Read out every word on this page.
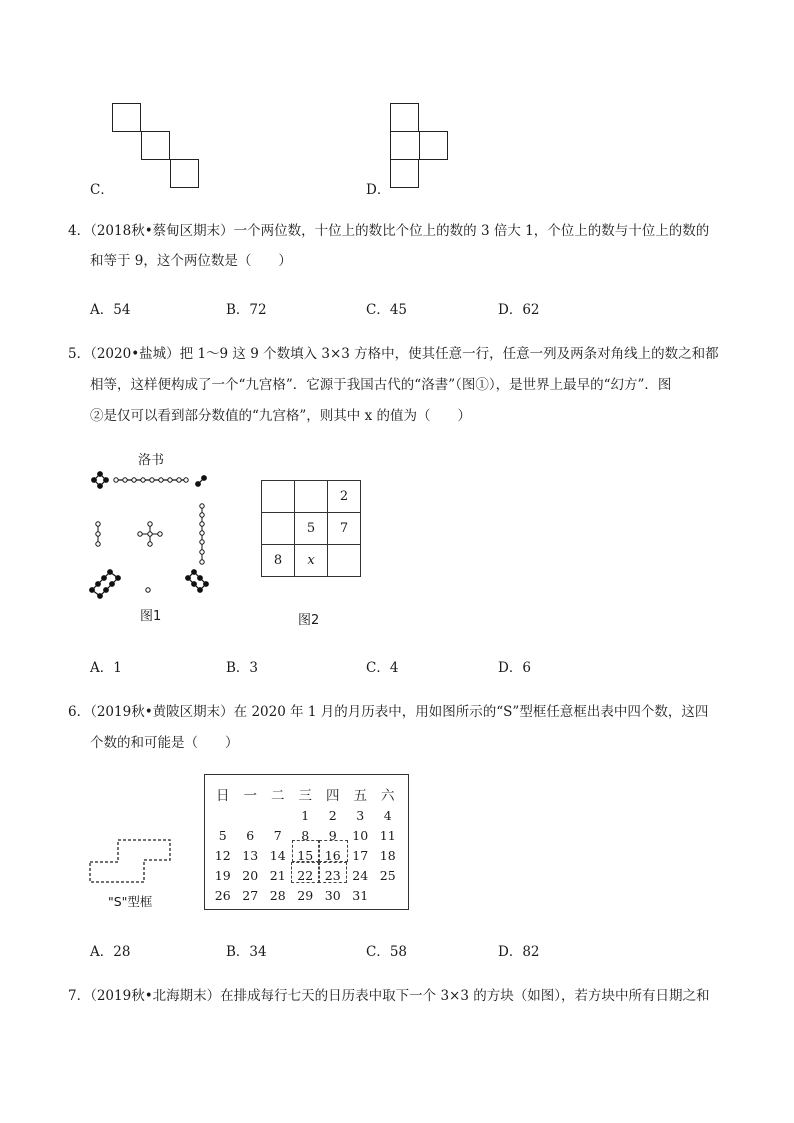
C．	D．
4．（2018秋•蔡甸区期末）一个两位数，十位上的数比个位上的数的 3 倍大 1，个位上的数与十位上的数的
和等于 9，这个两位数是（　　）
A．54	B．72	C．45	D．62
5．（2020•盐城）把 1～9 这 9 个数填入 3×3 方格中，使其任意一行，任意一列及两条对角线上的数之和都
相等，这样便构成了一个“九宫格”．它源于我国古代的“洛書”（图①），是世界上最早的“幻方”．图
②是仅可以看到部分数值的“九宫格”，则其中 x 的值为（　　）
洛书
图1
		2
	5	7
8	x	
图2
A．1	B．3	C．4	D．6
6．（2019秋•黄陂区期末）在 2020 年 1 月的月历表中，用如图所示的“S”型框任意框出表中四个数，这四
个数的和可能是（　　）
"S"型框
日	一	二	三	四	五	六
			1	2	3	4
5	6	7	8	9	10	11
12	13	14	15	16	17	18
19	20	21	22	23	24	25
26	27	28	29	30	31	
A．28	B．34	C．58	D．82
7．（2019秋•北海期末）在排成每行七天的日历表中取下一个 3×3 的方块（如图），若方块中所有日期之和
